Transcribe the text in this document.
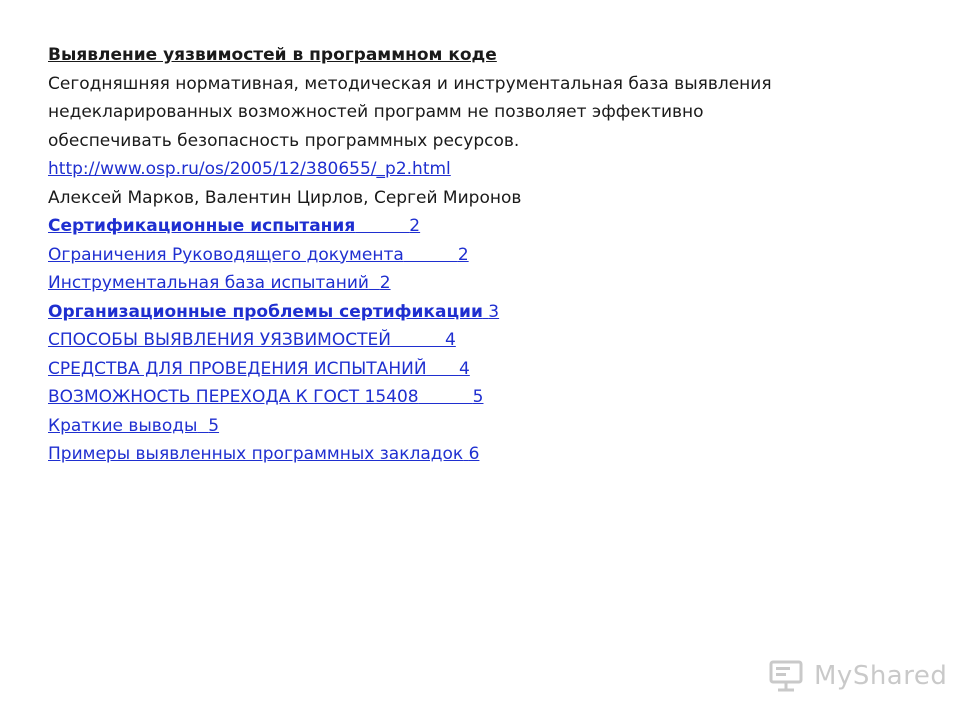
Выявление уязвимостей в программном коде
Сегодняшняя нормативная, методическая и инструментальная база выявления
недекларированных возможностей программ не позволяет эффективно
обеспечивать безопасность программных ресурсов.
http://www.osp.ru/os/2005/12/380655/_p2.html
Алексей Марков, Валентин Цирлов, Сергей Миронов
Сертификационные испытания	2
Ограничения Руководящего документа	2
Инструментальная база испытаний 2
Организационные проблемы сертификации 3
СПОСОБЫ ВЫЯВЛЕНИЯ УЯЗВИМОСТЕЙ	4
СРЕДСТВА ДЛЯ ПРОВЕДЕНИЯ ИСПЫТАНИЙ 4
ВОЗМОЖНОСТЬ ПЕРЕХОДА К ГОСТ 15408	5
Краткие выводы 5
Примеры выявленных программных закладок 6
MyShared
